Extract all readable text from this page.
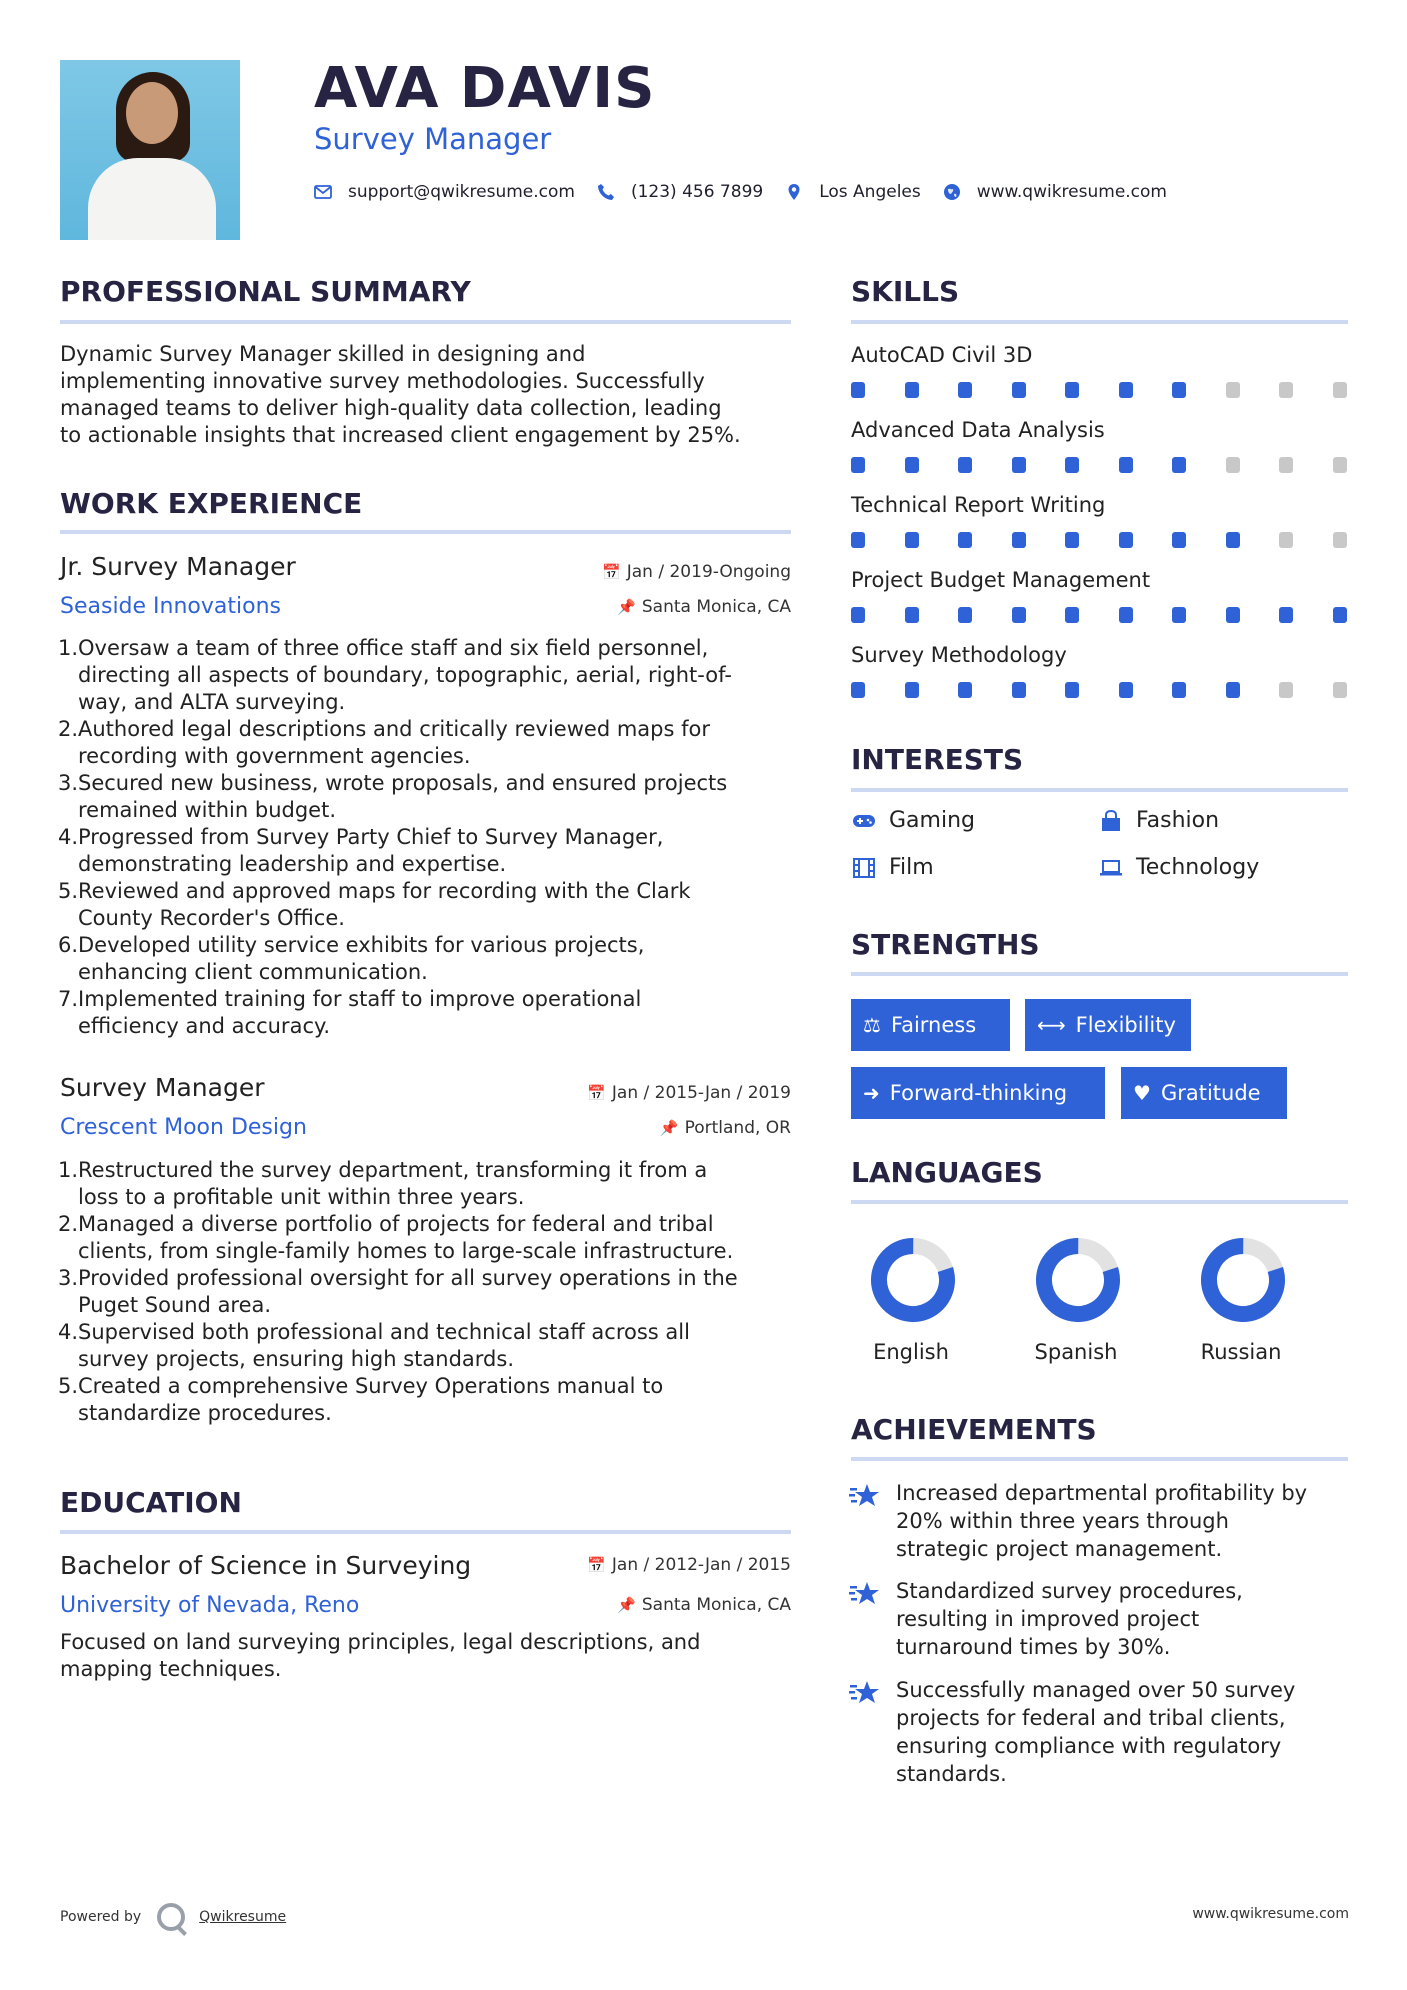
AVA DAVIS
Survey Manager
support@qwikresume.com	(123) 456 7899	Los Angeles	www.qwikresume.com
PROFESSIONAL SUMMARY
Dynamic Survey Manager skilled in designing and
implementing innovative survey methodologies. Successfully
managed teams to deliver high-quality data collection, leading
to actionable insights that increased client engagement by 25%.
WORK EXPERIENCE
Jr. Survey Manager	📅 Jan / 2019-Ongoing
Seaside Innovations	📌 Santa Monica, CA
1. Oversaw a team of three office staff and six field personnel,
directing all aspects of boundary, topographic, aerial, right-of-
way, and ALTA surveying.
2. Authored legal descriptions and critically reviewed maps for
recording with government agencies.
3. Secured new business, wrote proposals, and ensured projects
remained within budget.
4. Progressed from Survey Party Chief to Survey Manager,
demonstrating leadership and expertise.
5. Reviewed and approved maps for recording with the Clark
County Recorder's Office.
6. Developed utility service exhibits for various projects,
enhancing client communication.
7. Implemented training for staff to improve operational
efficiency and accuracy.
Survey Manager	📅 Jan / 2015-Jan / 2019
Crescent Moon Design	📌 Portland, OR
1. Restructured the survey department, transforming it from a
loss to a profitable unit within three years.
2. Managed a diverse portfolio of projects for federal and tribal
clients, from single-family homes to large-scale infrastructure.
3. Provided professional oversight for all survey operations in the
Puget Sound area.
4. Supervised both professional and technical staff across all
survey projects, ensuring high standards.
5. Created a comprehensive Survey Operations manual to
standardize procedures.
EDUCATION
Bachelor of Science in Surveying	📅 Jan / 2012-Jan / 2015
University of Nevada, Reno	📌 Santa Monica, CA
Focused on land surveying principles, legal descriptions, and
mapping techniques.
SKILLS
AutoCAD Civil 3D
Advanced Data Analysis
Technical Report Writing
Project Budget Management
Survey Methodology
INTERESTS
Gaming	Fashion
Film	Technology
STRENGTHS
⚖ Fairness	⟷ Flexibility
➜ Forward-thinking	♥ Gratitude
LANGUAGES
English	Spanish	Russian
ACHIEVEMENTS
Increased departmental profitability by
20% within three years through
strategic project management.
Standardized survey procedures,
resulting in improved project
turnaround times by 30%.
Successfully managed over 50 survey
projects for federal and tribal clients,
ensuring compliance with regulatory
standards.
Powered by	Qwikresume	www.qwikresume.com
